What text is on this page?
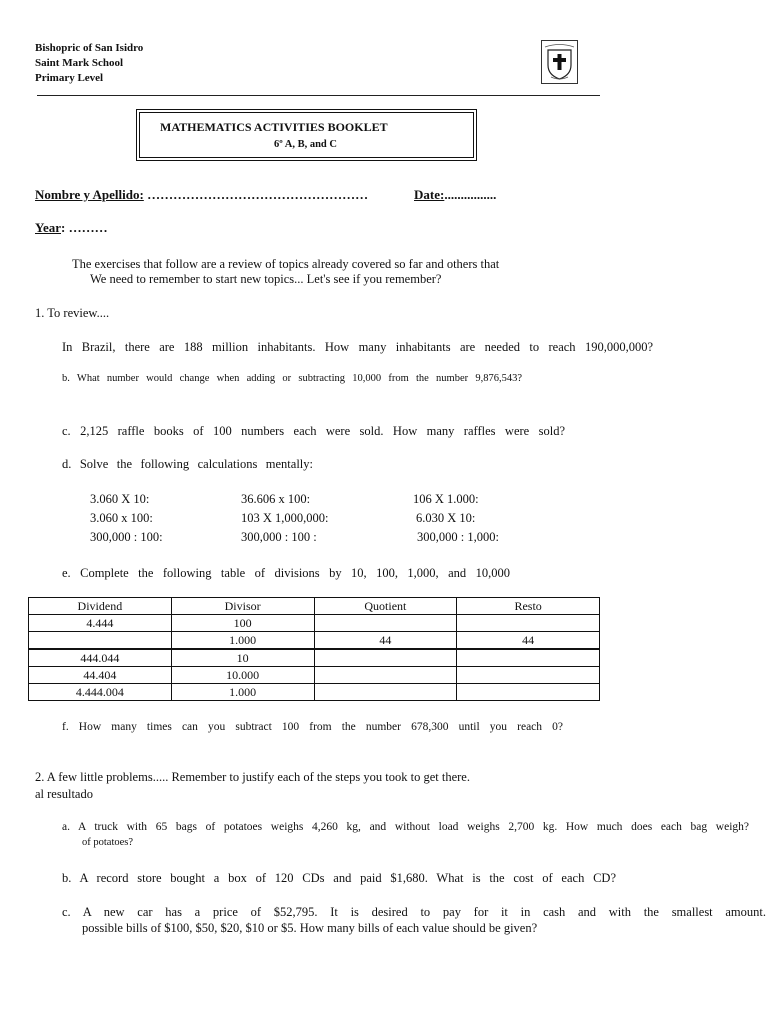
Bishopric of San Isidro
Saint Mark School
Primary Level
MATHEMATICS ACTIVITIES BOOKLET
6º A, B, and C
Nombre y Apellido: ……………………………………………	Date:................
Year: ………
The exercises that follow are a review of topics already covered so far and others that
We need to remember to start new topics... Let's see if you remember?
1. To review....
In Brazil, there are 188 million inhabitants. How many inhabitants are needed to reach 190,000,000?
b. What number would change when adding or subtracting 10,000 from the number 9,876,543?
c. 2,125 raffle books of 100 numbers each were sold. How many raffles were sold?
d. Solve the following calculations mentally:
3.060 X 10:	36.606 x 100:	106 X 1.000:
3.060 x 100:	103 X 1,000,000:	6.030 X 10:
300,000 : 100:	300,000 : 100 :	300,000 : 1,000:
e. Complete the following table of divisions by 10, 100, 1,000, and 10,000
Dividend	Divisor	Quotient	Resto
4.444	100		
	1.000	44	44
444.044	10		
44.404	10.000		
4.444.004	1.000		
f. How many times can you subtract 100 from the number 678,300 until you reach 0?
2. A few little problems..... Remember to justify each of the steps you took to get there.
al resultado
a. A truck with 65 bags of potatoes weighs 4,260 kg, and without load weighs 2,700 kg. How much does each bag weigh?
of potatoes?
b. A record store bought a box of 120 CDs and paid $1,680. What is the cost of each CD?
c. A new car has a price of $52,795. It is desired to pay for it in cash and with the smallest amount.
possible bills of $100, $50, $20, $10 or $5. How many bills of each value should be given?
